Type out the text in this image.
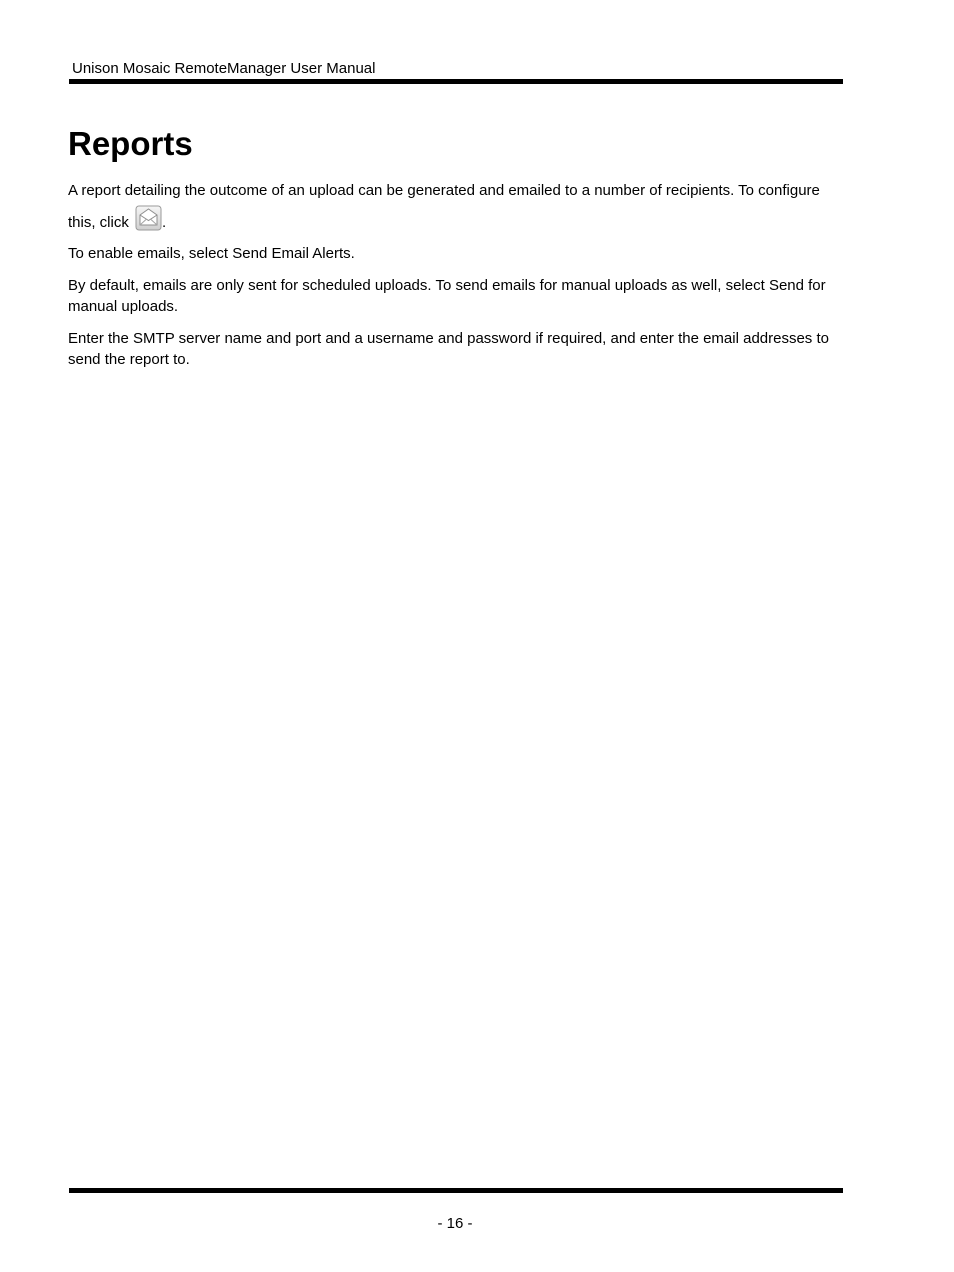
Unison Mosaic RemoteManager User Manual
Reports

A report detailing the outcome of an upload can be generated and emailed to a number of recipients. To configure
this, click .

To enable emails, select Send Email Alerts.

By default, emails are only sent for scheduled uploads. To send emails for manual uploads as well, select Send for manual uploads.

Enter the SMTP server name and port and a username and password if required, and enter the email addresses to send the report to.

- 16 -
